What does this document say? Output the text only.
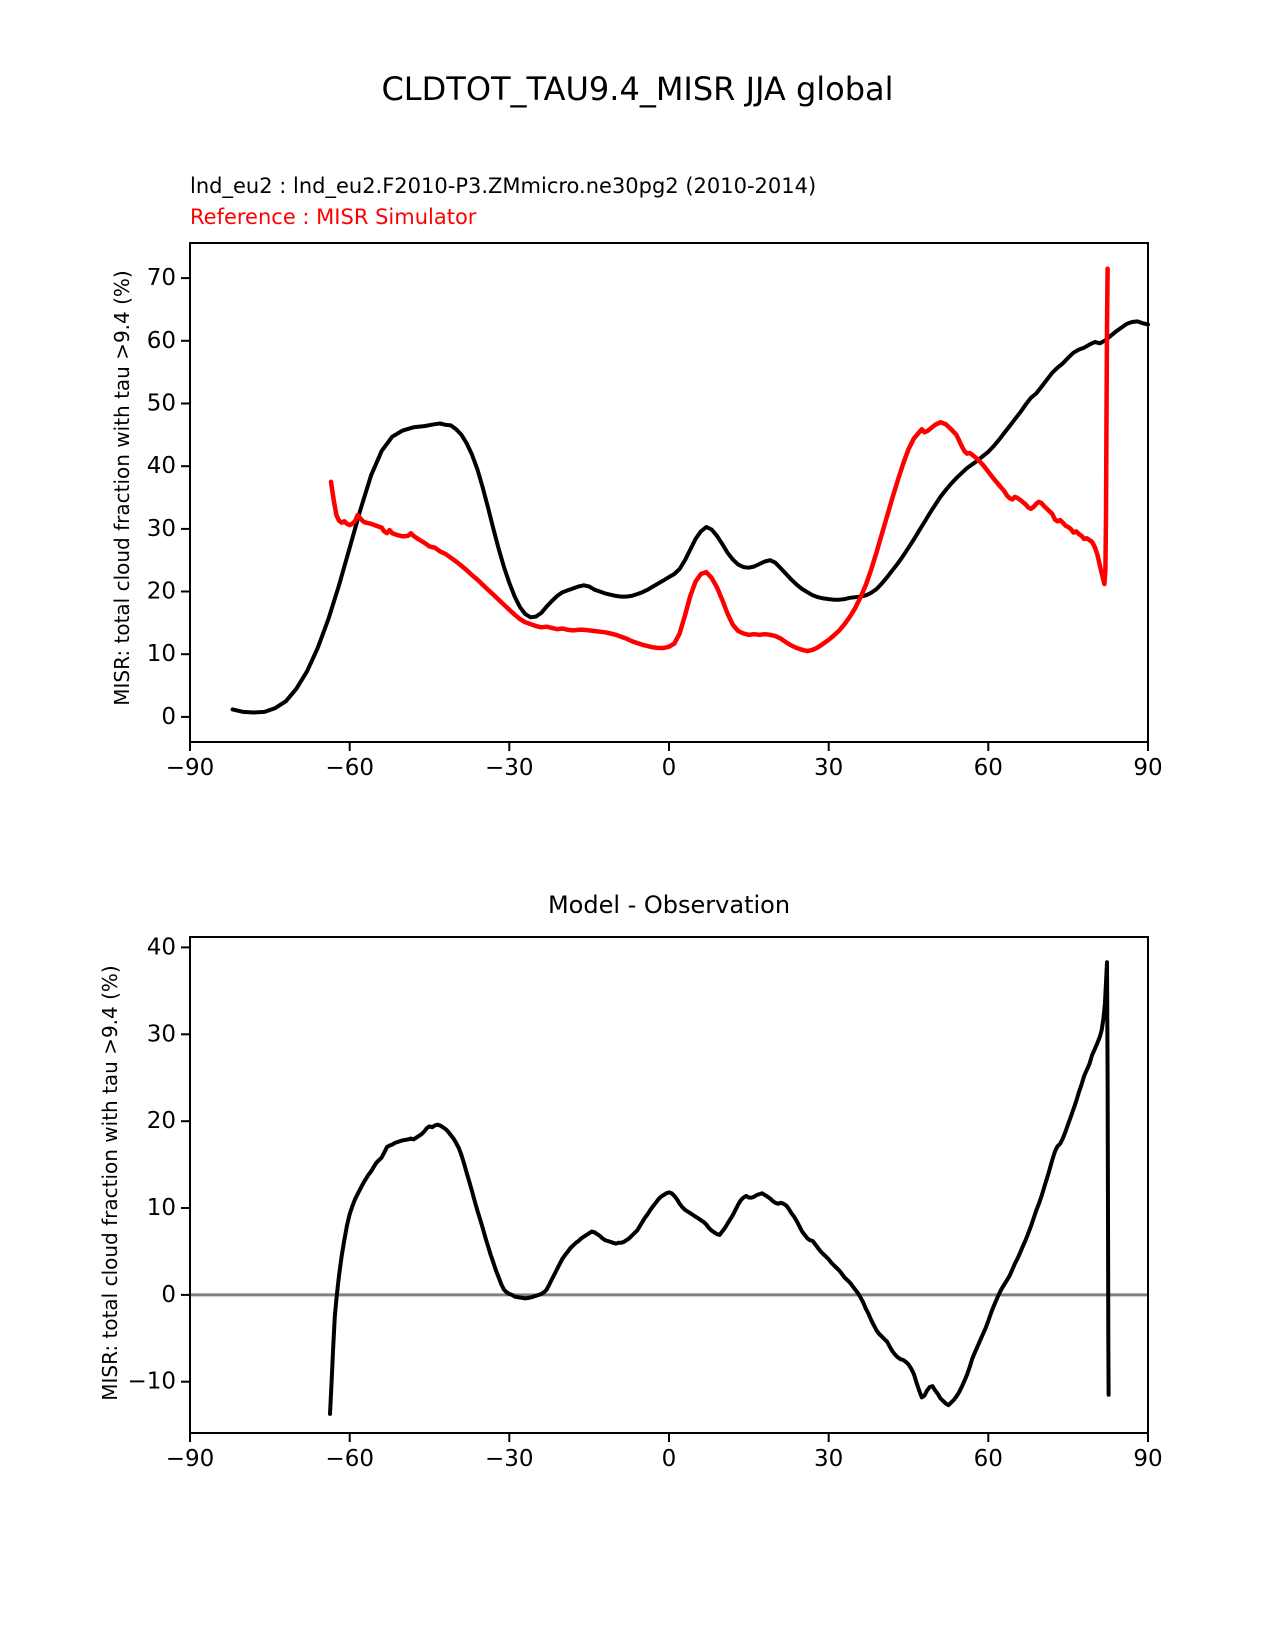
−90	−60	−30	0	30	60	90
0
10
20
30
40
50
60
70
−90	−60	−30	0	30	60	90
−10
0
10
20
30
40
CLDTOT_TAU9.4_MISR JJA global
lnd_eu2 : lnd_eu2.F2010-P3.ZMmicro.ne30pg2 (2010-2014)
Reference : MISR Simulator
MISR: total cloud fraction with tau >9.4 (%)
Model - Observation
MISR: total cloud fraction with tau >9.4 (%)
